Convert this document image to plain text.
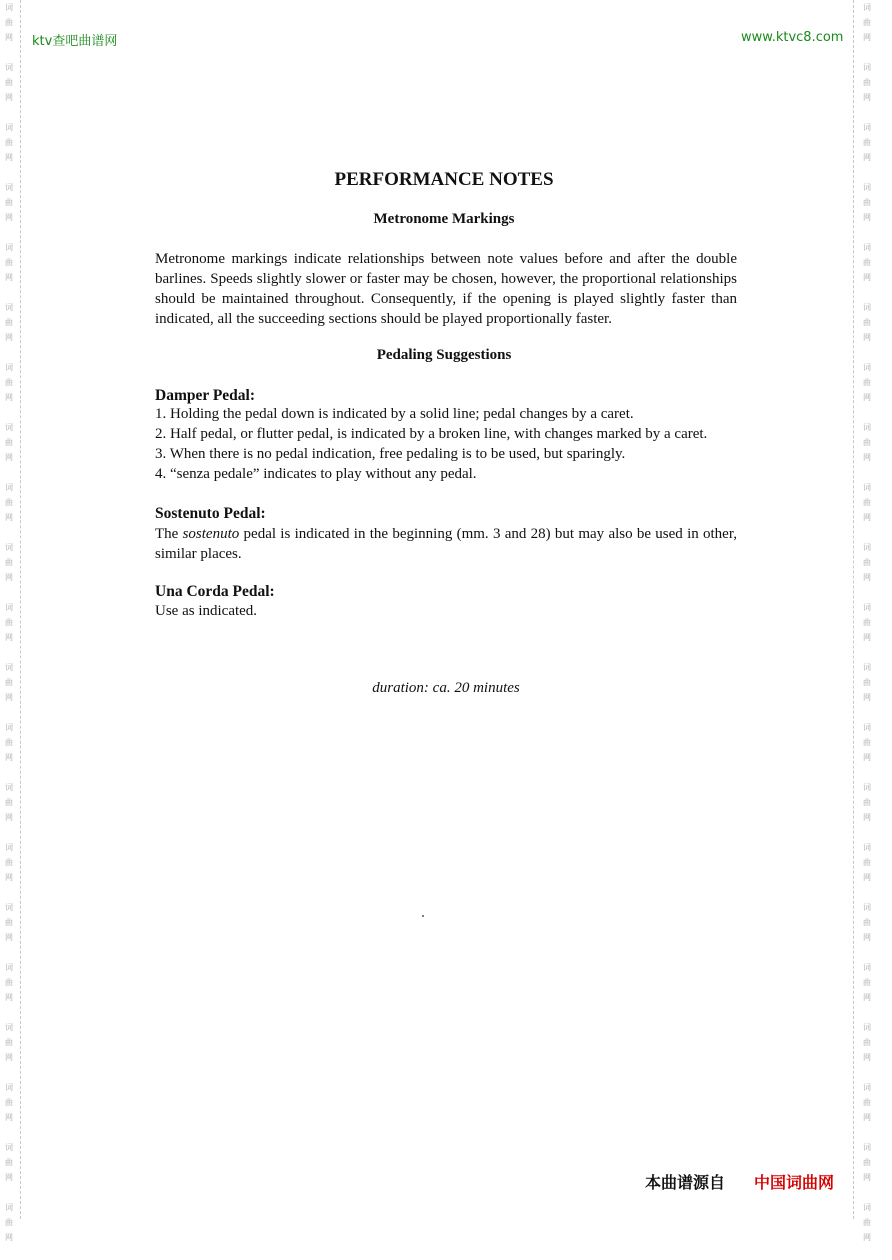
词
曲
网
词
曲
网
词
曲
网
词
曲
网
词
曲
网
词
曲
网
词
曲
网
词
曲
网
词
曲
网
词
曲
网
词
曲
网
词
曲
网
词
曲
网
词
曲
网
词
曲
网
词
曲
网
词
曲
网
词
曲
网
词
曲
网
词
曲
网
词
曲
网
词
曲
网
词
曲
网
词
曲
网
词
曲
网
词
曲
网
词
曲
网
词
曲
网
词
曲
网
词
曲
网
词
曲
网
词
曲
网
词
曲
网
词
曲
网
词
曲
网
词
曲
网
词
曲
网
词
曲
网
词
曲
网
词
曲
网
词
曲
网
词
曲
网
ktv查吧曲谱网	www.ktvc8.com
PERFORMANCE NOTES
Metronome Markings

Metronome markings indicate relationships between note values before and after the double barlines. Speeds slightly slower or faster may be chosen, however, the proportional relationships should be maintained throughout. Consequently, if the opening is played slightly faster than indicated, all the succeeding sections should be played proportionally faster.

Pedaling Suggestions
Damper Pedal:

1. Holding the pedal down is indicated by a solid line; pedal changes by a caret.

2. Half pedal, or flutter pedal, is indicated by a broken line, with changes marked by a caret.

3. When there is no pedal indication, free pedaling is to be used, but sparingly.

4. “senza pedale” indicates to play without any pedal.

Sostenuto Pedal:

The sostenuto pedal is indicated in the beginning (mm. 3 and 28) but may also be used in other, similar places.

Una Corda Pedal:

Use as indicated.

duration: ca. 20 minutes

本曲谱源自 中国词曲网
